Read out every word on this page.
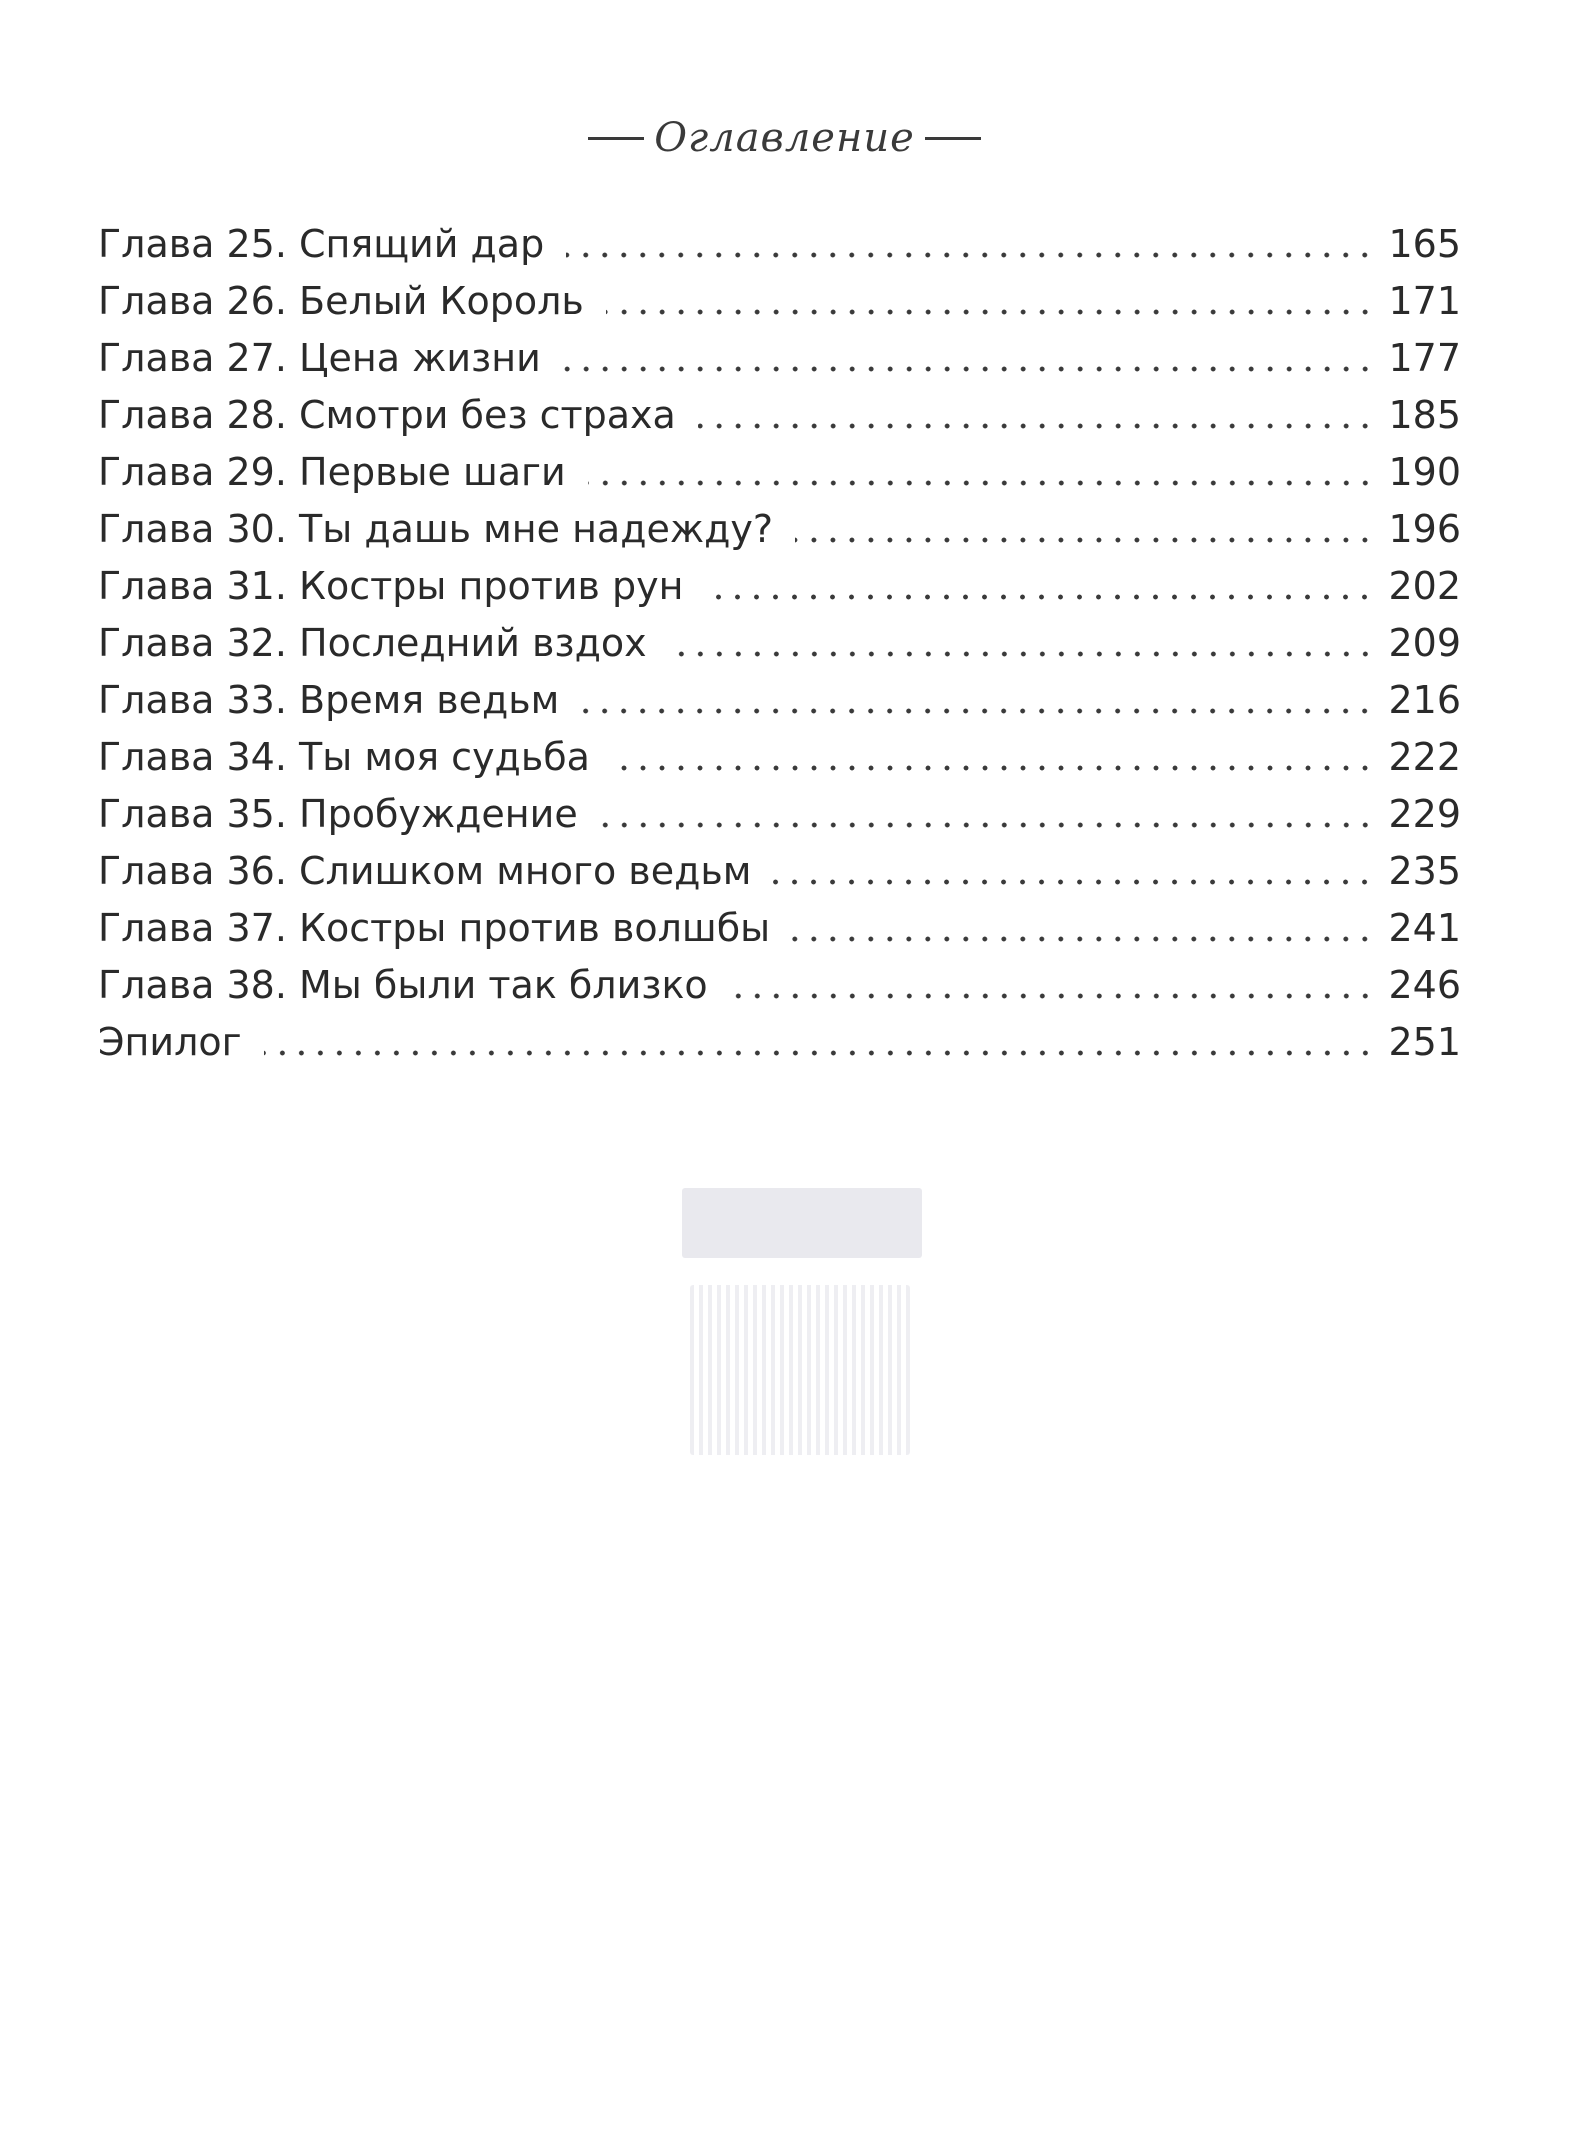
Оглавление
Глава 25. Спящий дар	165
Глава 26. Белый Король	171
Глава 27. Цена жизни	177
Глава 28. Смотри без страха	185
Глава 29. Первые шаги	190
Глава 30. Ты дашь мне надежду?	196
Глава 31. Костры против рун	202
Глава 32. Последний вздох	209
Глава 33. Время ведьм	216
Глава 34. Ты моя судьба	222
Глава 35. Пробуждение	229
Глава 36. Слишком много ведьм	235
Глава 37. Костры против волшбы	241
Глава 38. Мы были так близко	246
Эпилог	251
